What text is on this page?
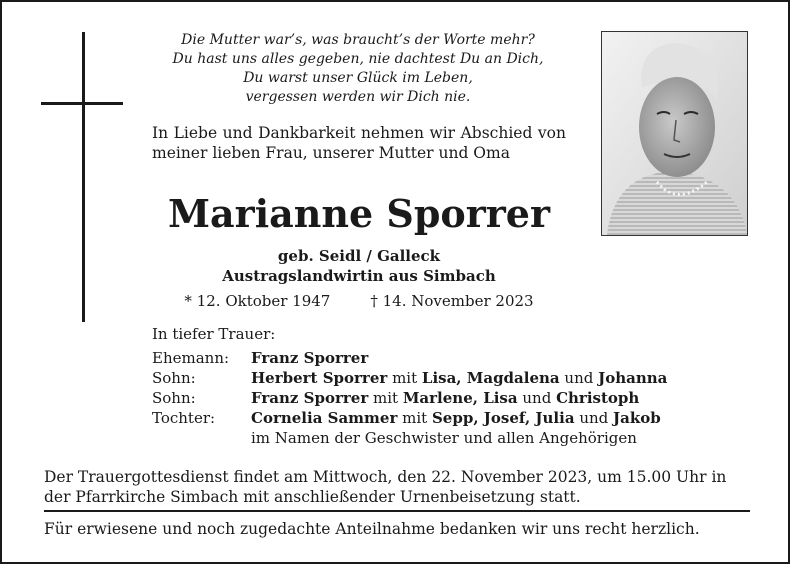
Die Mutter war’s, was braucht’s der Worte mehr?
Du hast uns alles gegeben, nie dachtest Du an Dich,
Du warst unser Glück im Leben,
vergessen werden wir Dich nie.
In Liebe und Dankbarkeit nehmen wir Abschied von meiner lieben Frau, unserer Mutter und Oma
Marianne Sporrer
geb. Seidl / Galleck
Austragslandwirtin aus Simbach
* 12. Oktober 1947	† 14. November 2023
In tiefer Trauer:
Ehemann:	Franz Sporrer
Sohn:	Herbert Sporrer mit Lisa, Magdalena und Johanna
Sohn:	Franz Sporrer mit Marlene, Lisa und Christoph
Tochter:	Cornelia Sammer mit Sepp, Josef, Julia und Jakob
im Namen der Geschwister und allen Angehörigen
Der Trauergottesdienst findet am Mittwoch, den 22. November 2023, um 15.00 Uhr in der Pfarrkirche Simbach mit anschließender Urnenbeisetzung statt.
Für erwiesene und noch zugedachte Anteilnahme bedanken wir uns recht herzlich.
